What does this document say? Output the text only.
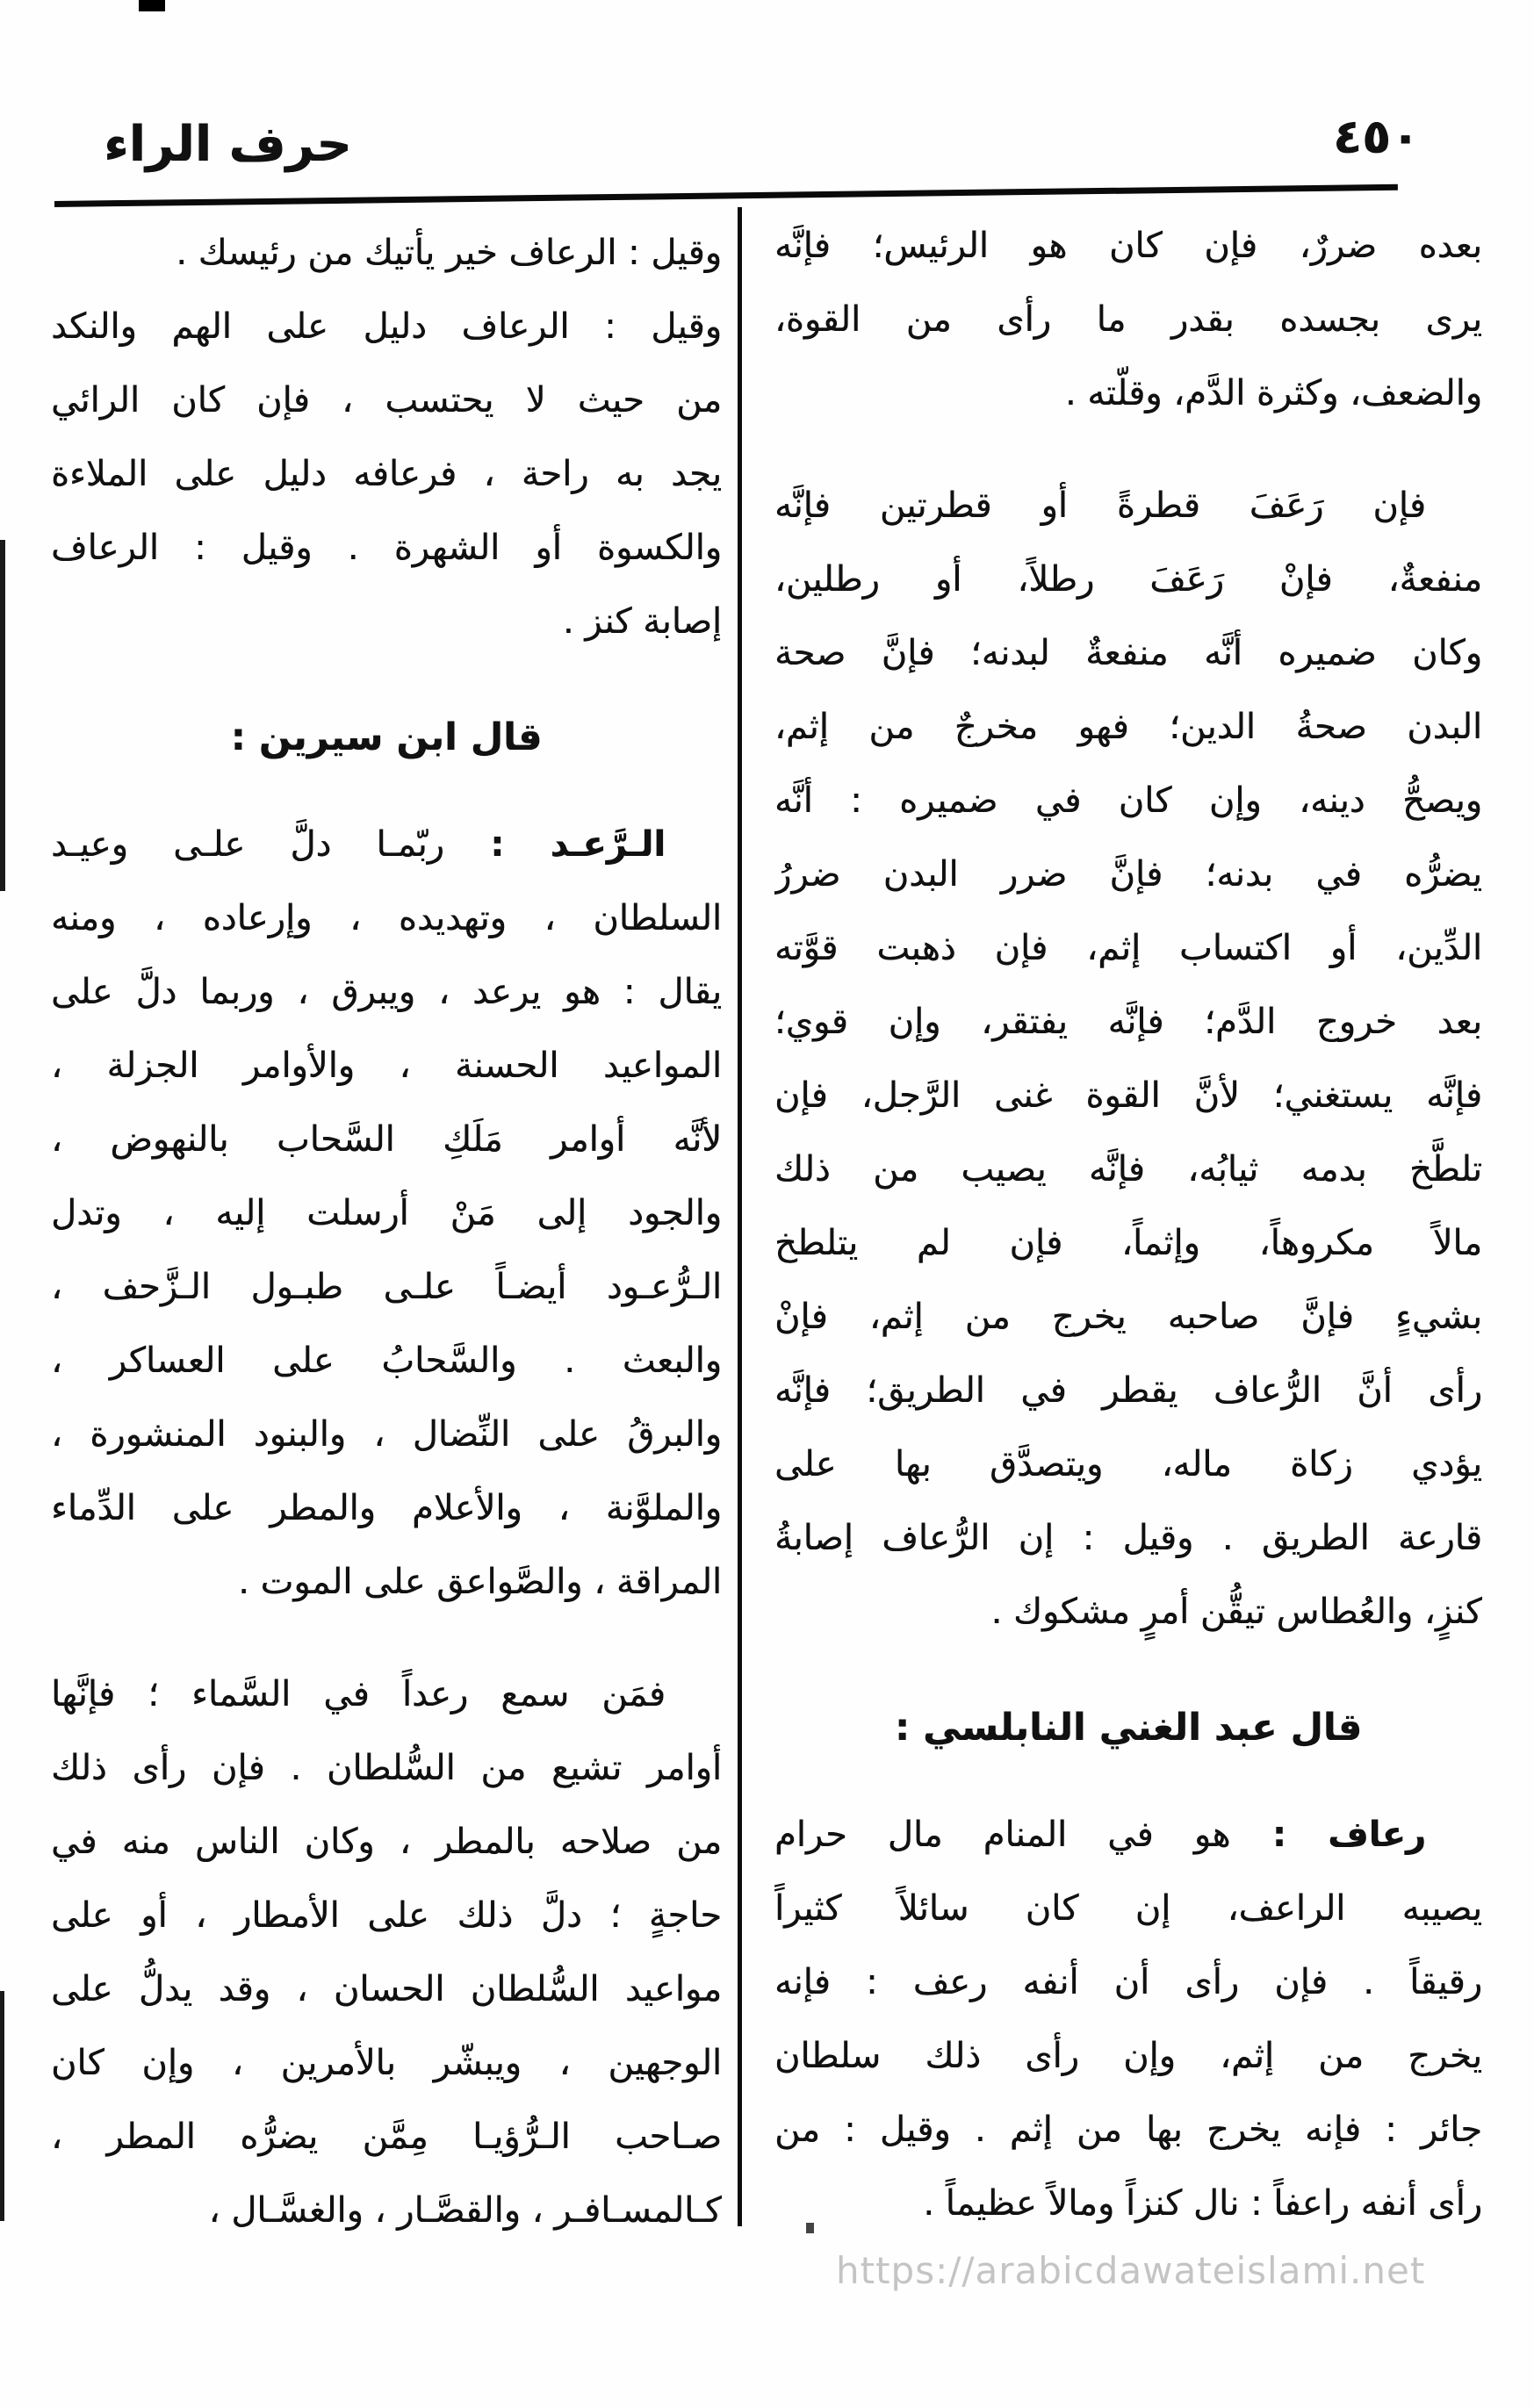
حرف الراء	٤٥٠
بعده ضررٌ، فإن كان هو الرئيس؛ فإنَّه
يرى بجسده بقدر ما رأى من القوة،
والضعف، وكثرة الدَّم، وقلّته .
فإن رَعَفَ قطرةً أو قطرتين فإنَّه
منفعةٌ، فإنْ رَعَفَ رطلاً، أو رطلين،
وكان ضميره أنَّه منفعةٌ لبدنه؛ فإنَّ صحة
البدن صحةُ الدين؛ فهو مخرجٌ من إثم،
ويصحُّ دينه، وإن كان في ضميره : أنَّه
يضرُّه في بدنه؛ فإنَّ ضرر البدن ضررُ
الدِّين، أو اكتساب إثم، فإن ذهبت قوَّته
بعد خروج الدَّم؛ فإنَّه يفتقر، وإن قوي؛
فإنَّه يستغني؛ لأنَّ القوة غنى الرَّجل، فإن
تلطَّخ بدمه ثيابُه، فإنَّه يصيب من ذلك
مالاً مكروهاً، وإثماً، فإن لم يتلطخ
بشيءٍ فإنَّ صاحبه يخرج من إثم، فإنْ
رأى أنَّ الرُّعاف يقطر في الطريق؛ فإنَّه
يؤدي زكاة ماله، ويتصدَّق بها على
قارعة الطريق . وقيل : إن الرُّعاف إصابةُ
كنزٍ، والعُطاس تيقُّن أمرٍ مشكوك .
قال عبد الغني النابلسي :
رعاف : هو في المنام مال حرام
يصيبه الراعف، إن كان سائلاً كثيراً
رقيقاً . فإن رأى أن أنفه رعف : فإنه
يخرج من إثم، وإن رأى ذلك سلطان
جائر : فإنه يخرج بها من إثم . وقيل : من
رأى أنفه راعفاً : نال كنزاً ومالاً عظيماً .
وقيل : الرعاف خير يأتيك من رئيسك .
وقيل : الرعاف دليل على الهم والنكد
من حيث لا يحتسب ، فإن كان الرائي
يجد به راحة ، فرعافه دليل على الملاءة
والكسوة أو الشهرة . وقيل : الرعاف
إصابة كنز .
قال ابن سيرين :
الـرَّعـد : ربّمـا دلَّ علـى وعيـد
السلطان ، وتهديده ، وإرعاده ، ومنه
يقال : هو يرعد ، ويبرق ، وربما دلَّ على
المواعيد الحسنة ، والأوامر الجزلة ،
لأنَّه أوامر مَلَكِ السَّحاب بالنهوض ،
والجود إلى مَنْ أرسلت إليه ، وتدل
الـرُّعـود أيضـاً علـى طبـول الـزَّحف ،
والبعث . والسَّحابُ على العساكر ،
والبرقُ على النِّضال ، والبنود المنشورة ،
والملوَّنة ، والأعلام والمطر على الدِّماء
المراقة ، والصَّواعق على الموت .
فمَن سمع رعداً في السَّماء ؛ فإنَّها
أوامر تشيع من السُّلطان . فإن رأى ذلك
من صلاحه بالمطر ، وكان الناس منه في
حاجةٍ ؛ دلَّ ذلك على الأمطار ، أو على
مواعيد السُّلطان الحسان ، وقد يدلُّ على
الوجهين ، ويبشّر بالأمرين ، وإن كان
صـاحب الـرُّؤيـا مِمَّن يضرُّه المطر ،
كـالمسـافـر ، والقصَّـار ، والغسَّـال ،
https://arabicdawateislami.net
